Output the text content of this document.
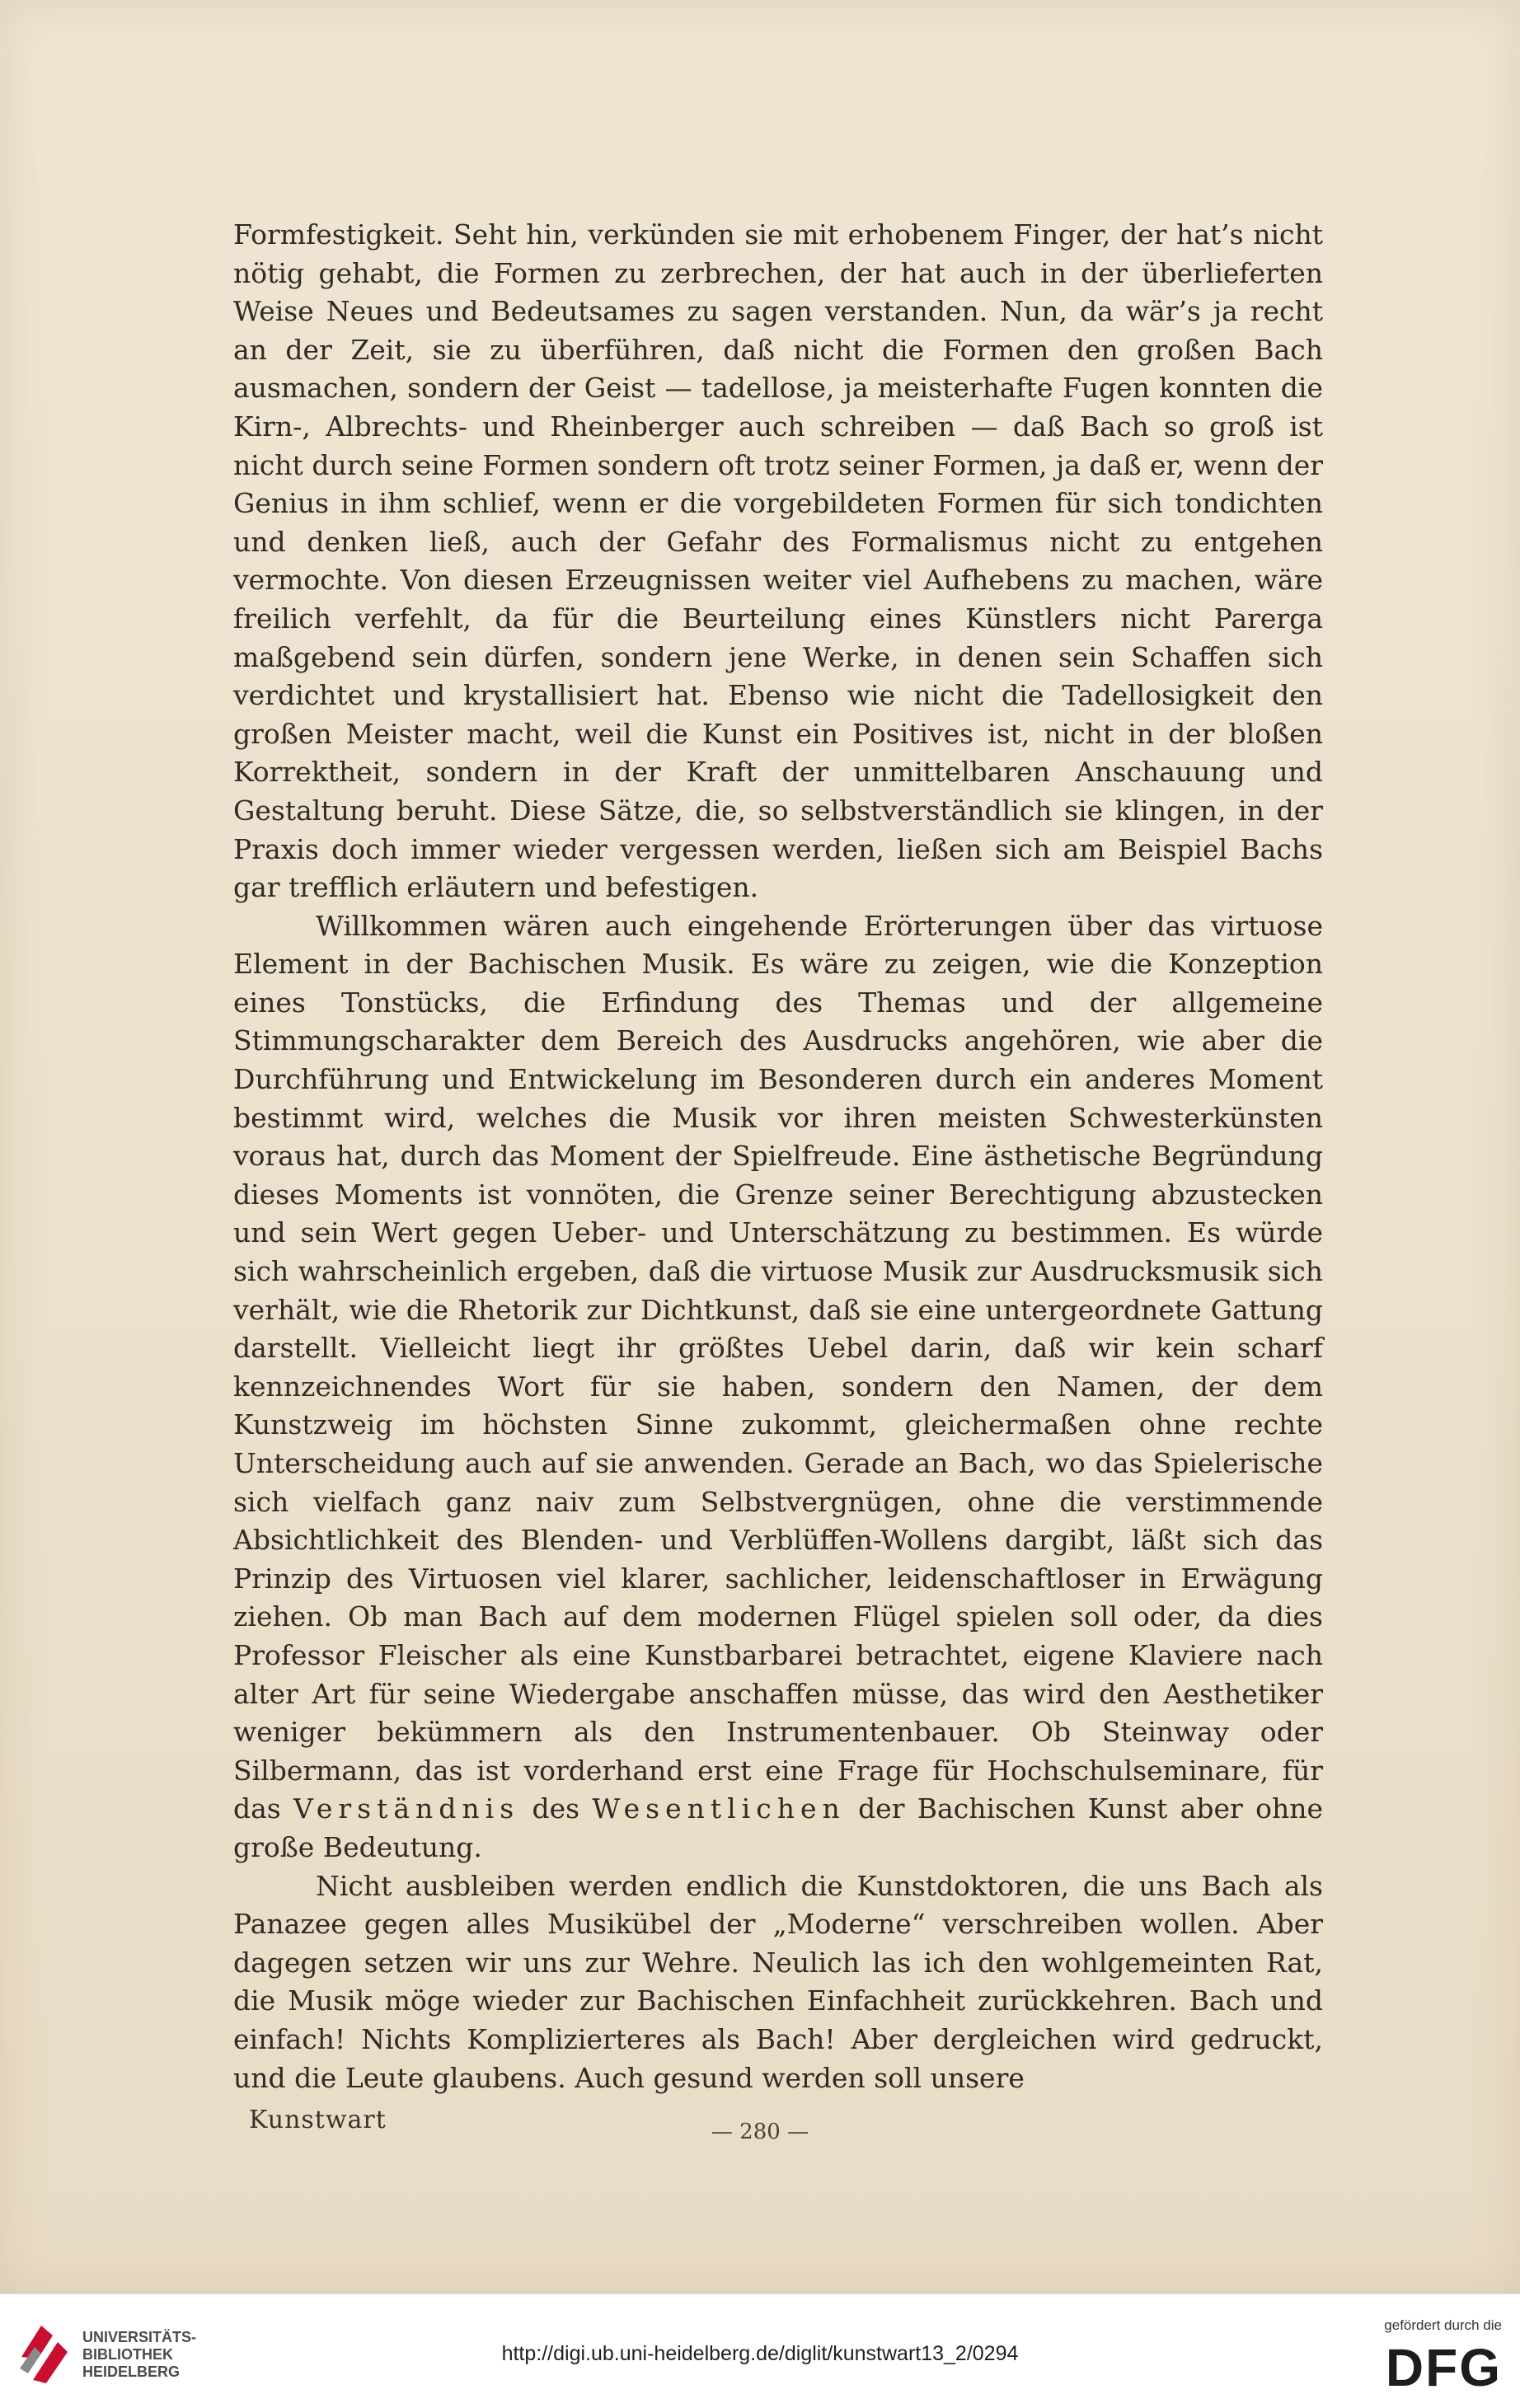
Formfestigkeit. Seht hin, verkünden sie mit erhobenem Finger, der hat’s nicht nötig gehabt, die Formen zu zerbrechen, der hat auch in der überlieferten Weise Neues und Bedeutsames zu sagen verstanden. Nun, da wär’s ja recht an der Zeit, sie zu überführen, daß nicht die Formen den großen Bach ausmachen, sondern der Geist — tadellose, ja meisterhafte Fugen konnten die Kirn-, Albrechts- und Rheinberger auch schreiben — daß Bach so groß ist nicht durch seine Formen sondern oft trotz seiner Formen, ja daß er, wenn der Genius in ihm schlief, wenn er die vorgebildeten Formen für sich tondichten und denken ließ, auch der Gefahr des Formalismus nicht zu entgehen vermochte. Von diesen Erzeugnissen weiter viel Aufhebens zu machen, wäre freilich verfehlt, da für die Beurteilung eines Künstlers nicht Parerga maßgebend sein dürfen, sondern jene Werke, in denen sein Schaffen sich verdichtet und krystallisiert hat. Ebenso wie nicht die Tadellosigkeit den großen Meister macht, weil die Kunst ein Positives ist, nicht in der bloßen Korrektheit, sondern in der Kraft der unmittelbaren Anschauung und Gestaltung beruht. Diese Sätze, die, so selbstverständlich sie klingen, in der Praxis doch immer wieder vergessen werden, ließen sich am Beispiel Bachs gar trefflich erläutern und befestigen.

Willkommen wären auch eingehende Erörterungen über das virtuose Element in der Bachischen Musik. Es wäre zu zeigen, wie die Konzeption eines Tonstücks, die Erfindung des Themas und der allgemeine Stimmungscharakter dem Bereich des Ausdrucks angehören, wie aber die Durchführung und Entwickelung im Besonderen durch ein anderes Moment bestimmt wird, welches die Musik vor ihren meisten Schwesterkünsten voraus hat, durch das Moment der Spielfreude. Eine ästhetische Begründung dieses Moments ist vonnöten, die Grenze seiner Berechtigung abzustecken und sein Wert gegen Ueber- und Unterschätzung zu bestimmen. Es würde sich wahrscheinlich ergeben, daß die virtuose Musik zur Ausdrucksmusik sich verhält, wie die Rhetorik zur Dichtkunst, daß sie eine untergeordnete Gattung darstellt. Vielleicht liegt ihr größtes Uebel darin, daß wir kein scharf kennzeichnendes Wort für sie haben, sondern den Namen, der dem Kunstzweig im höchsten Sinne zukommt, gleichermaßen ohne rechte Unterscheidung auch auf sie anwenden. Gerade an Bach, wo das Spielerische sich vielfach ganz naiv zum Selbstvergnügen, ohne die verstimmende Absichtlichkeit des Blenden- und Verblüffen-Wollens dargibt, läßt sich das Prinzip des Virtuosen viel klarer, sachlicher, leidenschaftloser in Erwägung ziehen. Ob man Bach auf dem modernen Flügel spielen soll oder, da dies Professor Fleischer als eine Kunstbarbarei betrachtet, eigene Klaviere nach alter Art für seine Wiedergabe anschaffen müsse, das wird den Aesthetiker weniger bekümmern als den Instrumentenbauer. Ob Steinway oder Silbermann, das ist vorderhand erst eine Frage für Hochschulseminare, für das Verständnis des Wesentlichen der Bachischen Kunst aber ohne große Bedeutung.

Nicht ausbleiben werden endlich die Kunstdoktoren, die uns Bach als Panazee gegen alles Musikübel der „Moderne“ verschreiben wollen. Aber dagegen setzen wir uns zur Wehre. Neulich las ich den wohlgemeinten Rat, die Musik möge wieder zur Bachischen Einfachheit zurückkehren. Bach und einfach! Nichts Komplizierteres als Bach! Aber dergleichen wird gedruckt, und die Leute glaubens. Auch gesund werden soll unsere

Kunstwart	— 280 —
UNIVERSITÄTS-
BIBLIOTHEK
HEIDELBERG
http://digi.ub.uni-heidelberg.de/diglit/kunstwart13_2/0294
gefördert durch die
DFG
